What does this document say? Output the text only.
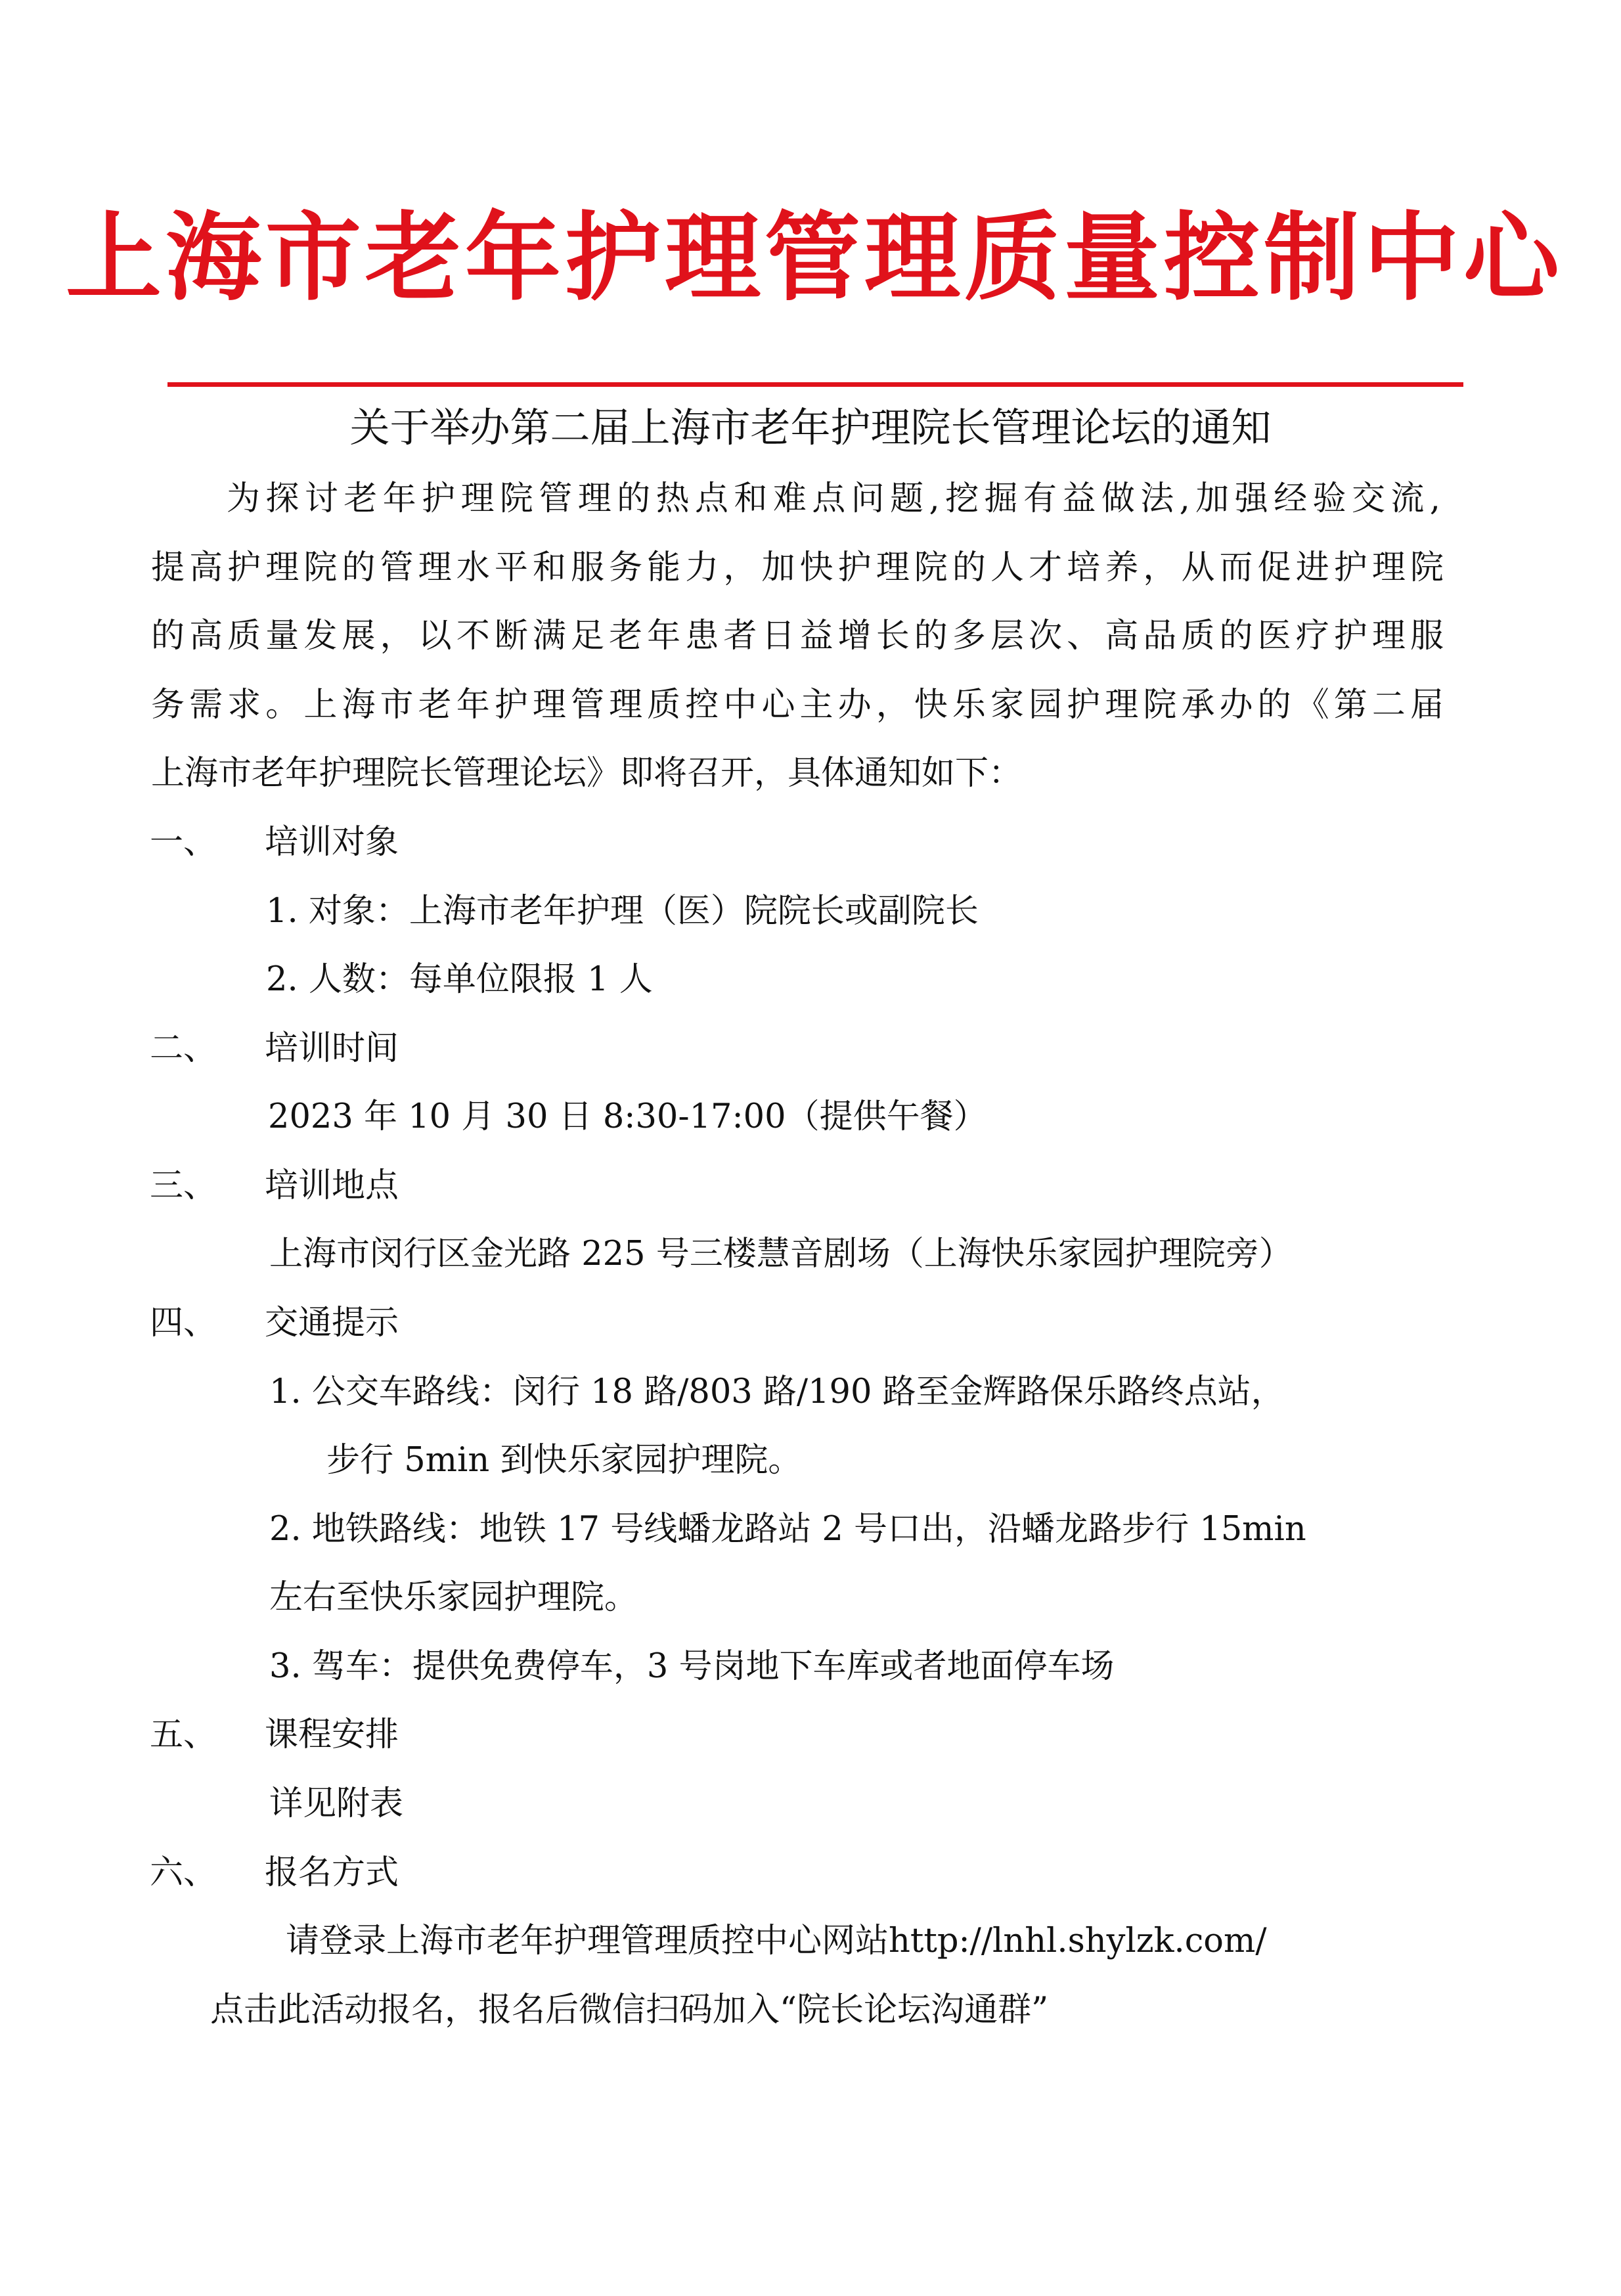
上海市老年护理管理质量控制中心
关于举办第二届上海市老年护理院长管理论坛的通知
为探讨老年护理院管理的热点和难点问题,挖掘有益做法,加强经验交流,
提高护理院的管理水平和服务能力，加快护理院的人才培养，从而促进护理院
的高质量发展，以不断满足老年患者日益增长的多层次、高品质的医疗护理服
务需求。上海市老年护理管理质控中心主办，快乐家园护理院承办的《第二届
上海市老年护理院长管理论坛》即将召开，具体通知如下：
一、 培训对象
1. 对象：上海市老年护理（医）院院长或副院长
2. 人数：每单位限报 1 人
二、 培训时间
2023 年 10 月 30 日 8:30-17:00（提供午餐）
三、 培训地点
上海市闵行区金光路 225 号三楼慧音剧场（上海快乐家园护理院旁）
四、 交通提示
1. 公交车路线：闵行 18 路/803 路/190 路至金辉路保乐路终点站，
步行 5min 到快乐家园护理院。
2. 地铁路线：地铁 17 号线蟠龙路站 2 号口出，沿蟠龙路步行 15min
左右至快乐家园护理院。
3. 驾车：提供免费停车，3 号岗地下车库或者地面停车场
五、 课程安排
详见附表
六、 报名方式
请登录上海市老年护理管理质控中心网站http://lnhl.shylzk.com/
点击此活动报名，报名后微信扫码加入“院长论坛沟通群”
